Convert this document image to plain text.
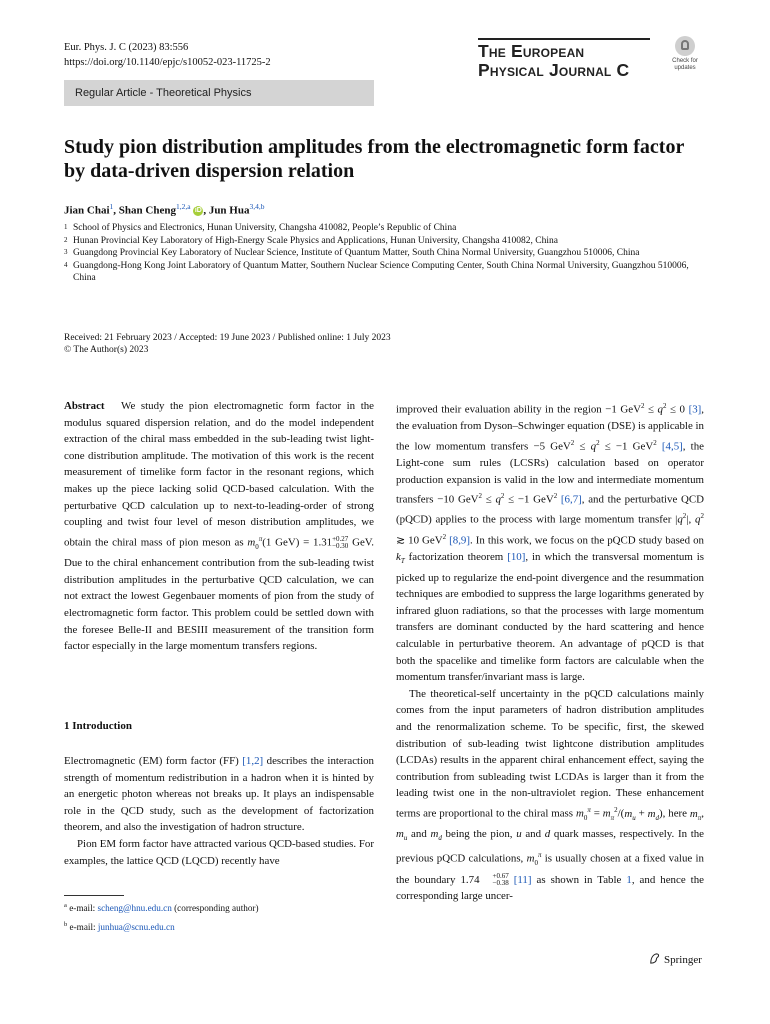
Eur. Phys. J. C (2023) 83:556
https://doi.org/10.1140/epjc/s10052-023-11725-2
The European
Physical Journal C	Check for
updates
Regular Article - Theoretical Physics
Study pion distribution amplitudes from the electromagnetic form factor by data-driven dispersion relation
Jian Chai$^1$, Shan Cheng$^{1,2,a}$ iD , Jun Hua$^{3,4,b}$
1 School of Physics and Electronics, Hunan University, Changsha 410082, People’s Republic of China
2 Hunan Provincial Key Laboratory of High-Energy Scale Physics and Applications, Hunan University, Changsha 410082, China
3 Guangdong Provincial Key Laboratory of Nuclear Science, Institute of Quantum Matter, South China Normal University, Guangzhou 510006, China
4 Guangdong-Hong Kong Joint Laboratory of Quantum Matter, Southern Nuclear Science Computing Center, South China Normal University, Guangzhou 510006, China
Received: 21 February 2023 / Accepted: 19 June 2023 / Published online: 1 July 2023
© The Author(s) 2023

Abstract   We study the pion electromagnetic form factor in the modulus squared dispersion relation, and do the model independent extraction of the chiral mass embedded in the sub-leading twist light-cone distribution amplitude. The motivation of this work is the recent measurement of timelike form factor in the resonant regions, which makes up the piece lacking solid QCD-based calculation. With the perturbative QCD calculation up to next-to-leading-order of strong coupling and twist four level of meson distribution amplitudes, we obtain the chiral mass of pion meson as $m_0^\pi(1$ GeV) = 1.31 +0.27
−0.30 GeV. Due to the chiral enhancement contribution from the sub-leading twist distribution amplitudes in the perturbative QCD calculation, we can not extract the lowest Gegenbauer moments of pion from the study of electromagnetic form factor. This problem could be settled down with the foresee Belle-II and BESIII measurement of the transition form factor especially in the large momentum transfers regions.

1 Introduction

Electromagnetic (EM) form factor (FF) [1,2] describes the interaction strength of momentum redistribution in a hadron when it is hinted by an energetic photon whereas not breaks up. It plays an indispensable role in the QCD study, such as the development of factorization theorem, and also the investigation of hadron structure.

Pion EM form factor have attracted various QCD-based studies. For examples, the lattice QCD (LQCD) recently have

$^a$ e-mail: scheng@hnu.edu.cn (corresponding author)
$^b$ e-mail: junhua@scnu.edu.cn

improved their evaluation ability in the region −1 $GeV^2 \le q^2 \le 0$ [3], the evaluation from Dyson–Schwinger equation (DSE) is applicable in the low momentum transfers −5 $GeV^2 \le q^2 \le -1$ GeV$^2$ [4,5], the Light-cone sum rules (LCSRs) calculation based on operator production expansion is valid in the low and intermediate momentum transfers −10 $GeV^2 \le q^2 \le -1$ GeV$^2$ [6,7], and the perturbative QCD (pQCD) applies to the process with large momentum transfer $|q^2|$, $q^2$ ≳ 10 GeV$^2$ [8,9]. In this work, we focus on the pQCD study based on $k_T$ factorization theorem [10], in which the transversal momentum is picked up to regularize the end-point divergence and the resummation techniques are embodied to suppress the large logarithms generated by infrared gluon radiations, so that the processes with large momentum transfers are dominant conducted by the hard scattering and hence calculable in perturbative theorem. An advantage of pQCD is that both the spacelike and timelike form factors are calculable when the momentum transfer/invariant mass is large.

The theoretical-self uncertainty in the pQCD calculations mainly comes from the input parameters of hadron distribution amplitudes and the renormalization scheme. To be specific, first, the skewed distribution of sub-leading twist lightcone distribution amplitudes (LCDAs) results in the apparent chiral enhancement effect, saying the contribution from subleading twist LCDAs is larger than it from the leading twist one in the non-ultraviolet region. These enhancement terms are proportional to the chiral mass $m_0^\pi = m_\pi^2/(m_u + m_d)$, here $m_\pi$, $m_u$ and $m_d$ being the pion, u and d quark masses, respectively. In the previous pQCD calculations, $m_0^\pi$ is usually chosen at a fixed value in the boundary 1.74	+0.67
−0.38 [11] as shown in Table 1, and hence the corresponding large uncer-

Springer
